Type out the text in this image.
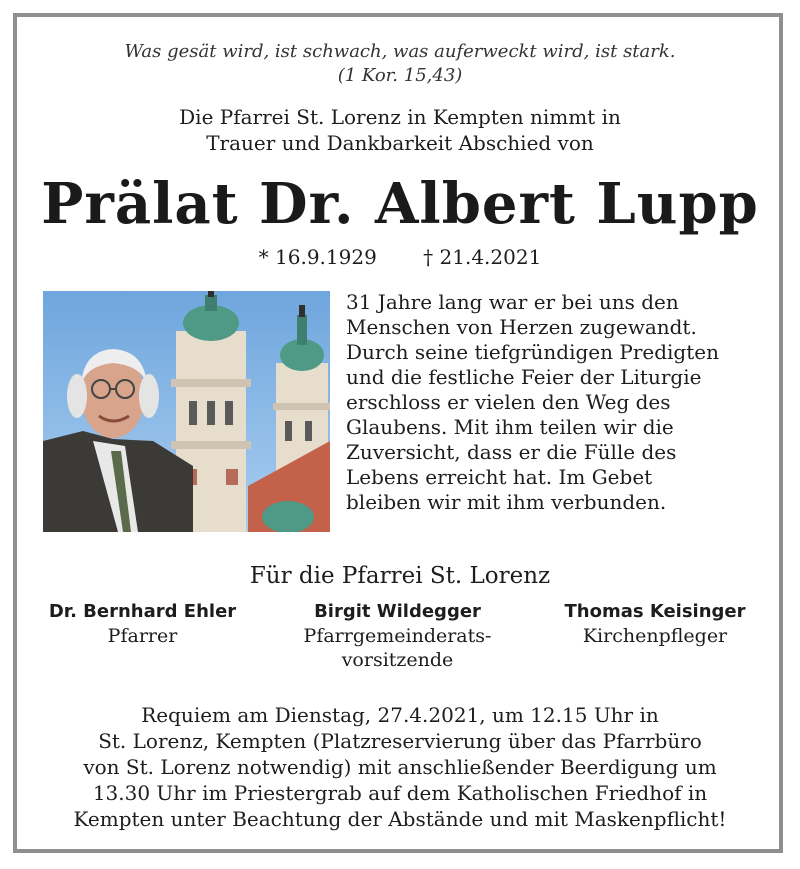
Was gesät wird, ist schwach, was auferweckt wird, ist stark.
(1 Kor. 15,43)
Die Pfarrei St. Lorenz in Kempten nimmt in
Trauer und Dankbarkeit Abschied von
Prälat Dr. Albert Lupp
* 16.9.1929 † 21.4.2021
31 Jahre lang war er bei uns den
Menschen von Herzen zugewandt.
Durch seine tiefgründigen Predigten
und die festliche Feier der Liturgie
erschloss er vielen den Weg des
Glaubens. Mit ihm teilen wir die
Zuversicht, dass er die Fülle des
Lebens erreicht hat. Im Gebet
bleiben wir mit ihm verbunden.
Für die Pfarrei St. Lorenz
Dr. Bernhard Ehler
Pfarrer
Birgit Wildegger
Pfarrgemeinderats-
vorsitzende
Thomas Keisinger
Kirchenpfleger
Requiem am Dienstag, 27.4.2021, um 12.15 Uhr in
St. Lorenz, Kempten (Platzreservierung über das Pfarrbüro
von St. Lorenz notwendig) mit anschließender Beerdigung um
13.30 Uhr im Priestergrab auf dem Katholischen Friedhof in
Kempten unter Beachtung der Abstände und mit Maskenpflicht!
